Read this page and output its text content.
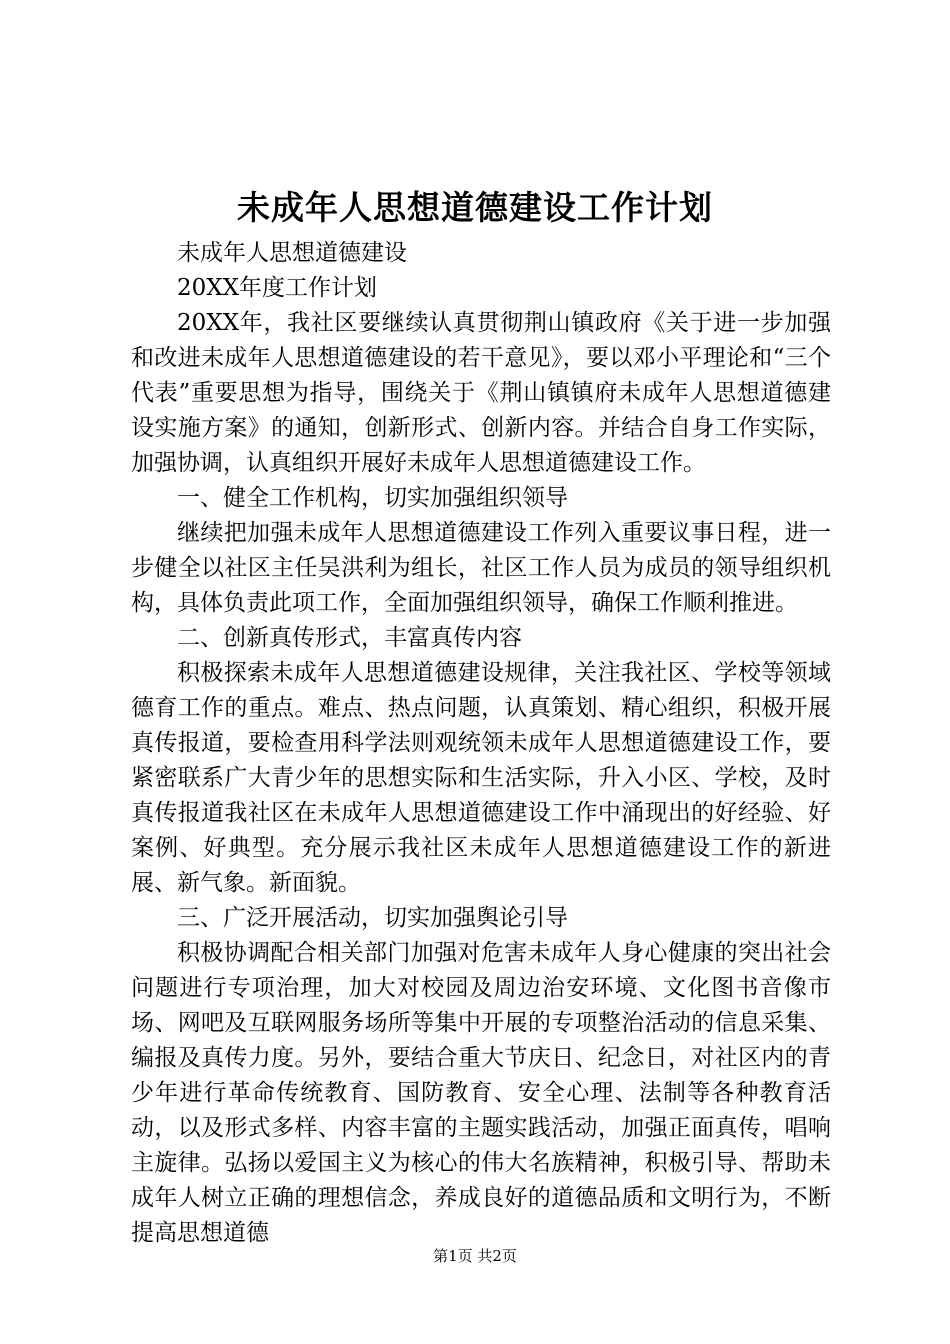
未成年人思想道德建设工作计划

未成年人思想道德建设

20XX年度工作计划

20XX年，我社区要继续认真贯彻荆山镇政府《关于进一步加强和改进未成年人思想道德建设的若干意见》，要以邓小平理论和“三个代表”重要思想为指导，围绕关于《荆山镇镇府未成年人思想道德建设实施方案》的通知，创新形式、创新内容。并结合自身工作实际，加强协调，认真组织开展好未成年人思想道德建设工作。

一、健全工作机构，切实加强组织领导

继续把加强未成年人思想道德建设工作列入重要议事日程，进一步健全以社区主任吴洪利为组长，社区工作人员为成员的领导组织机构，具体负责此项工作，全面加强组织领导，确保工作顺利推进。

二、创新真传形式，丰富真传内容

积极探索未成年人思想道德建设规律，关注我社区、学校等领域德育工作的重点。难点、热点问题，认真策划、精心组织，积极开展真传报道，要检查用科学法则观统领未成年人思想道德建设工作，要紧密联系广大青少年的思想实际和生活实际，升入小区、学校，及时真传报道我社区在未成年人思想道德建设工作中涌现出的好经验、好案例、好典型。充分展示我社区未成年人思想道德建设工作的新进展、新气象。新面貌。

三、广泛开展活动，切实加强舆论引导

积极协调配合相关部门加强对危害未成年人身心健康的突出社会问题进行专项治理，加大对校园及周边治安环境、文化图书音像市场、网吧及互联网服务场所等集中开展的专项整治活动的信息采集、编报及真传力度。另外，要结合重大节庆日、纪念日，对社区内的青少年进行革命传统教育、国防教育、安全心理、法制等各种教育活动，以及形式多样、内容丰富的主题实践活动，加强正面真传，唱响主旋律。弘扬以爱国主义为核心的伟大名族精神，积极引导、帮助未成年人树立正确的理想信念，养成良好的道德品质和文明行为，不断提高思想道德

第1页 共2页
